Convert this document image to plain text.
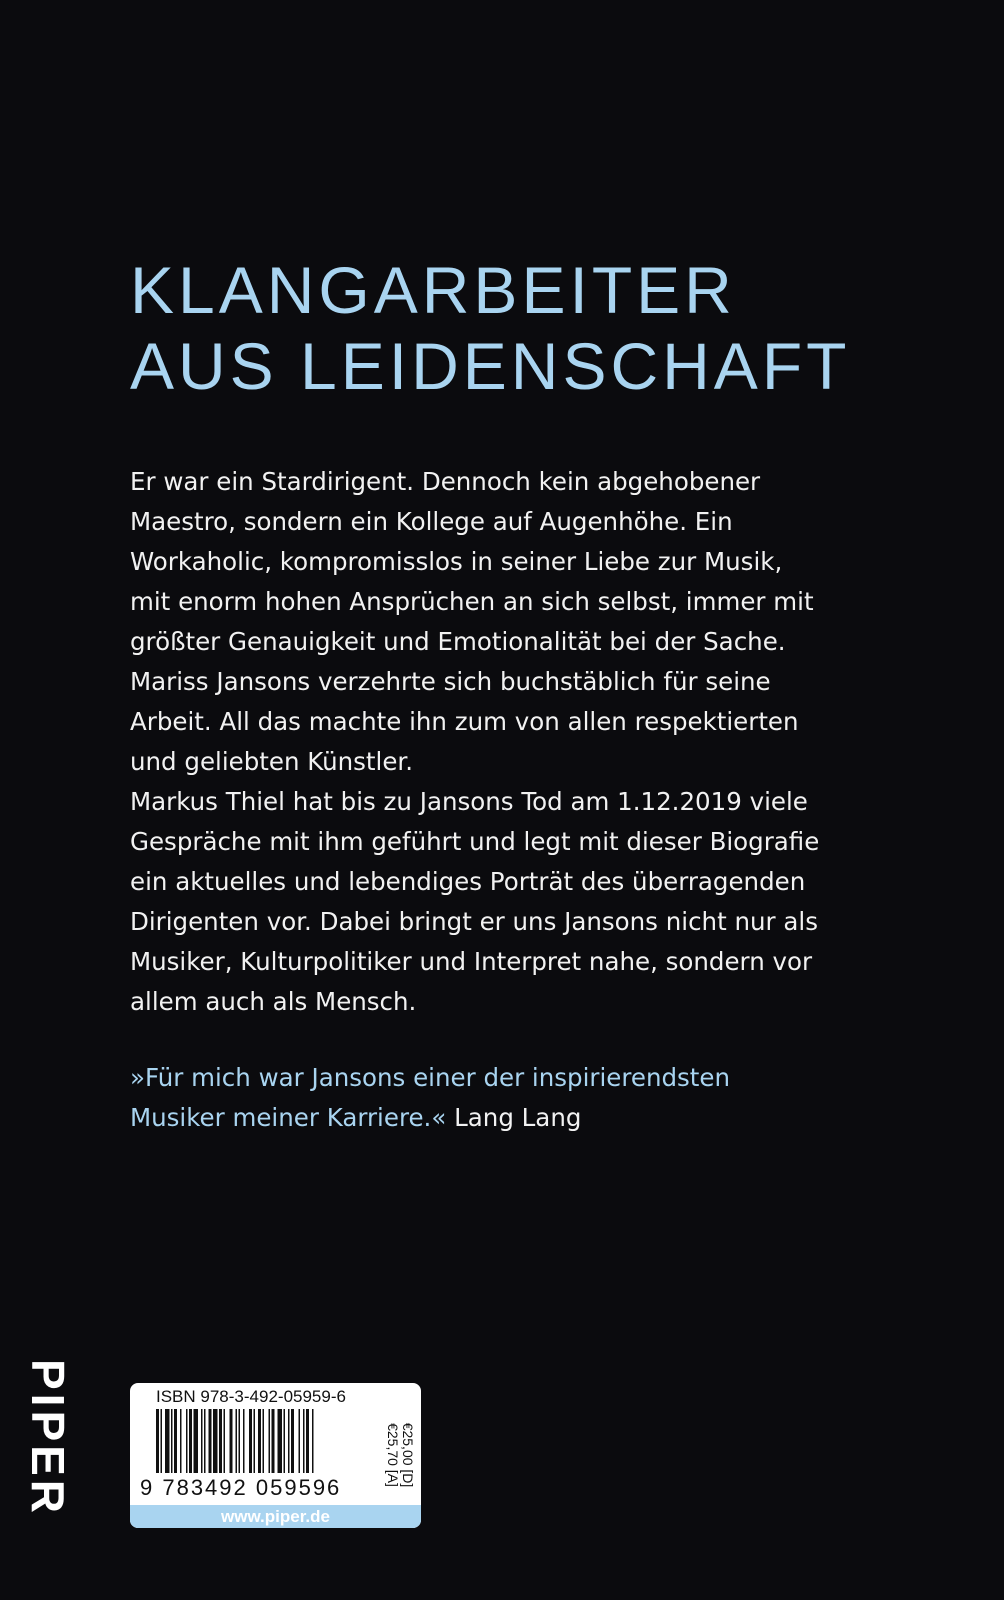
KLANGARBEITER
AUS LEIDENSCHAFT
Er war ein Stardirigent. Dennoch kein abgehobener
Maestro, sondern ein Kollege auf Augenhöhe. Ein
Workaholic, kompromisslos in seiner Liebe zur Musik,
mit enorm hohen Ansprüchen an sich selbst, immer mit
größter Genauigkeit und Emotionalität bei der Sache.
Mariss Jansons verzehrte sich buchstäblich für seine
Arbeit. All das machte ihn zum von allen respektierten
und geliebten Künstler.
Markus Thiel hat bis zu Jansons Tod am 1.12.2019 viele
Gespräche mit ihm geführt und legt mit dieser Biografie
ein aktuelles und lebendiges Porträt des überragenden
Dirigenten vor. Dabei bringt er uns Jansons nicht nur als
Musiker, Kulturpolitiker und Interpret nahe, sondern vor
allem auch als Mensch.
»Für mich war Jansons einer der inspirierendsten
Musiker meiner Karriere.« Lang Lang
PIPER	ISBN 978-3-492-05959-6
9 783492 059596
€25,00 [D]
€25,70 [A]
www.piper.de
